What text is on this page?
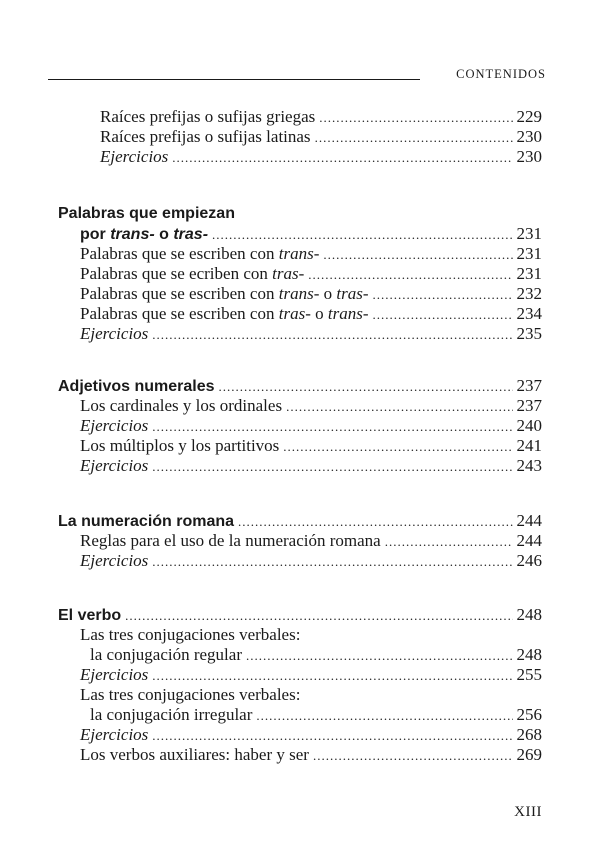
CONTENIDOS
Raíces prefijas o sufijas griegas .....	229
Raíces prefijas o sufijas latinas .....	230
Ejercicios .....	230
Palabras que empiezan
por trans- o tras- .....	231
Palabras que se escriben con trans- .....	231
Palabras que se ecriben con tras- .....	231
Palabras que se escriben con trans- o tras- .....	232
Palabras que se escriben con tras- o trans- .....	234
Ejercicios .....	235
Adjetivos numerales .....	237
Los cardinales y los ordinales .....	237
Ejercicios .....	240
Los múltiplos y los partitivos .....	241
Ejercicios .....	243
La numeración romana .....	244
Reglas para el uso de la numeración romana .....	244
Ejercicios .....	246
El verbo .....	248
Las tres conjugaciones verbales:
la conjugación regular .....	248
Ejercicios .....	255
Las tres conjugaciones verbales:
la conjugación irregular .....	256
Ejercicios .....	268
Los verbos auxiliares: haber y ser .....	269
XIII
